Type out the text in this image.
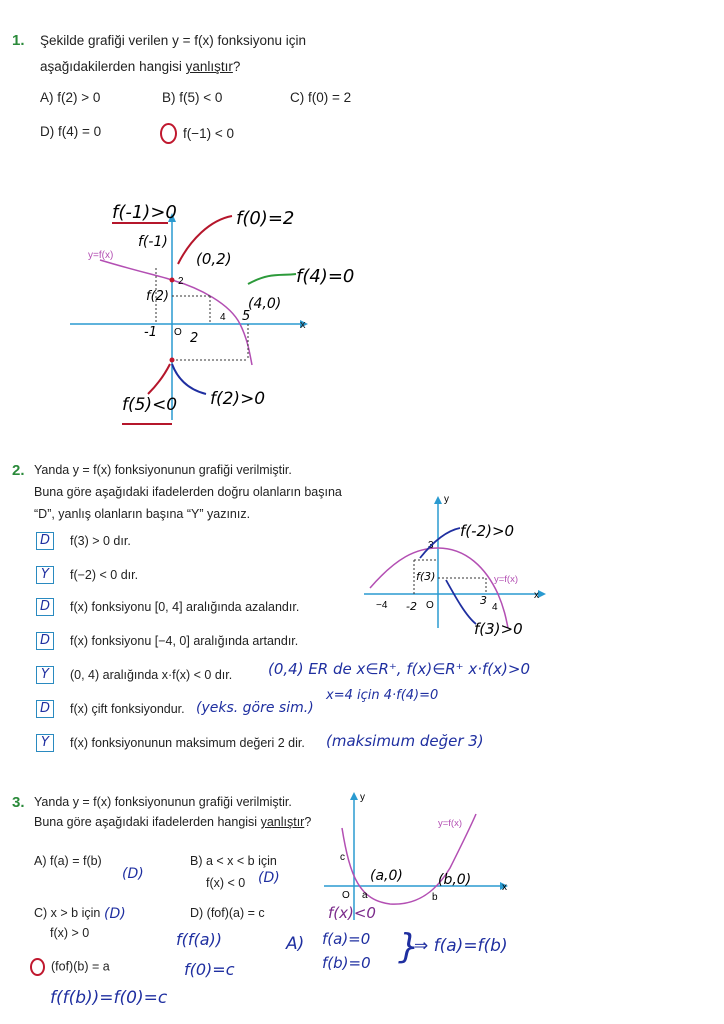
1. Şekilde grafiği verilen y = f(x) fonksiyonu için
aşağıdakilerden hangisi yanlıştır?
A) f(2) > 0	B) f(5) < 0	C) f(0) = 2
D) f(4) = 0	f(−1) < 0
x
y=f(x)
2
4
O
f(-1)>0	f(0)=2
f(-1)
(0,2)
f(4)=0
(4,0)
f(2)
-1	2
5
f(5)<0 f(2)>0
2. Yanda y = f(x) fonksiyonunun grafiği verilmiştir.
Buna göre aşağıdaki ifadelerden doğru olanların başına
“D”, yanlış olanların başına “Y” yazınız.
D	f(3) > 0 dır.
Y	f(−2) < 0 dır.
D	f(x) fonksiyonu [0, 4] aralığında azalandır.
D	f(x) fonksiyonu [−4, 0] aralığında artandır.
Y	(0, 4) aralığında x·f(x) < 0 dır. (0,4) ER de x∈R⁺, f(x)∈R⁺ x·f(x)>0
D	f(x) çift fonksiyondur. (yeks. göre sim.)
x=4 için 4·f(4)=0
Y	f(x) fonksiyonunun maksimum değeri 2 dir. (maksimum değer 3)
x
y
y=f(x)
3
−4	4
O
-2	3
f(3)
f(-2)>0
f(3)>0
3. Yanda y = f(x) fonksiyonunun grafiği verilmiştir.
Buna göre aşağıdaki ifadelerden hangisi yanlıştır?
A) f(a) = f(b)
(D)
B) a < x < b için
f(x) < 0 (D)
C) x > b için
f(x) > 0
(D)	D) (fof)(a) = c
f(f(a))
f(0)=c
(fof)(b) = a
f(f(b))=f(0)=c
A) f(a)=0
f(b)=0 }
⇒ f(a)=f(b)
x
y
y=f(x)
c
O a	b
(a,0)	(b,0)
f(x)<0
